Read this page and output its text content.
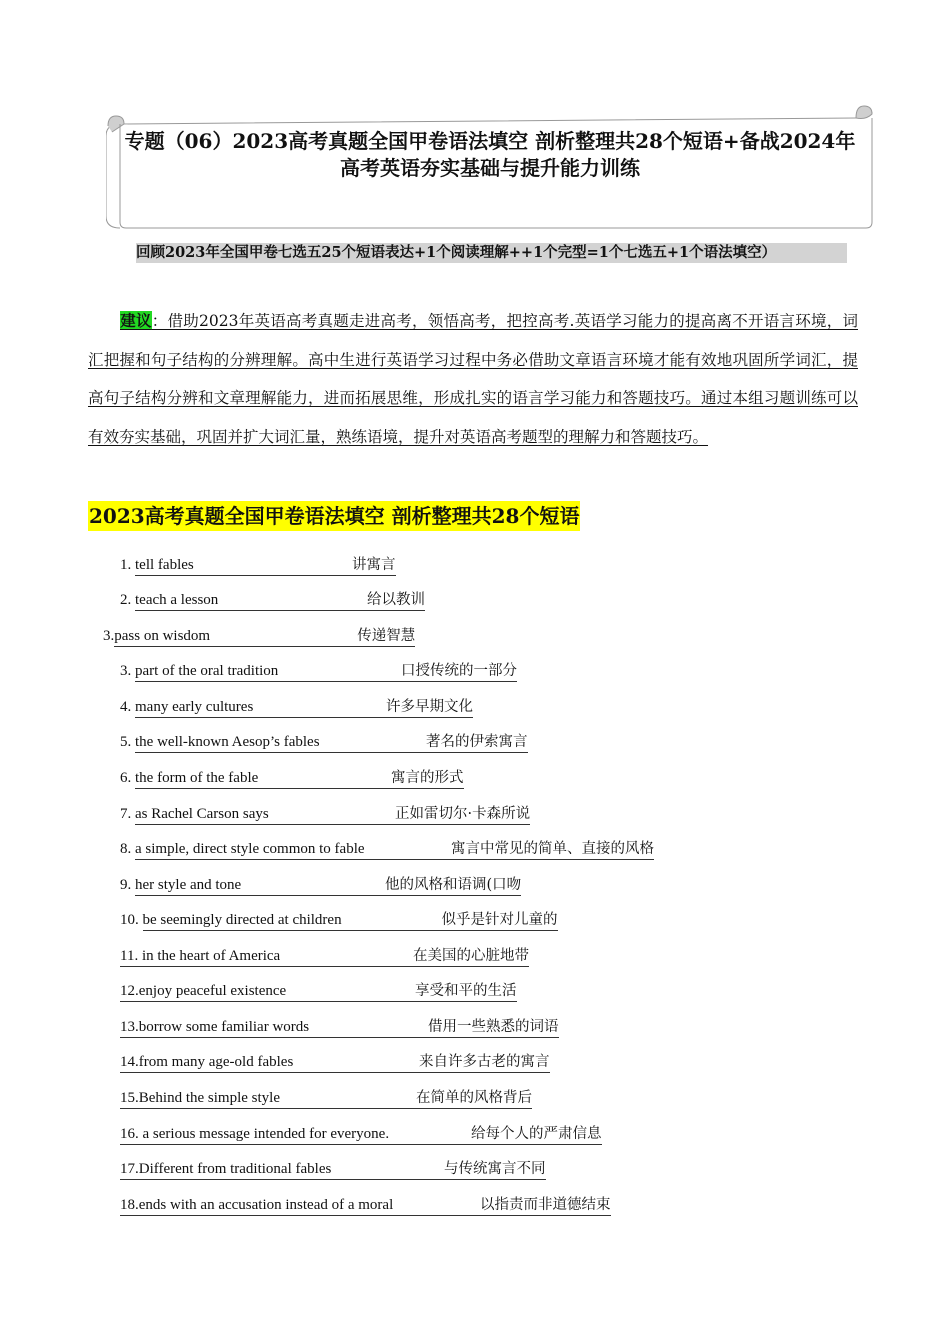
专题（06）2023高考真题全国甲卷语法填空 剖析整理共28个短语+备战2024年高考英语夯实基础与提升能力训练
回顾2023年全国甲卷七选五25个短语表达+1个阅读理解++1个完型=1个七选五+1个语法填空）
建议：借助2023年英语高考真题走进高考，领悟高考，把控高考.英语学习能力的提高离不开语言环境，词汇把握和句子结构的分辨理解。高中生进行英语学习过程中务必借助文章语言环境才能有效地巩固所学词汇，提高句子结构分辨和文章理解能力，进而拓展思维，形成扎实的语言学习能力和答题技巧。通过本组习题训练可以有效夯实基础，巩固并扩大词汇量，熟练语境，提升对英语高考题型的理解力和答题技巧。
2023高考真题全国甲卷语法填空 剖析整理共28个短语
1. tell fables	讲寓言
2. teach a lesson	给以教训
3.pass on wisdom	传递智慧
3. part of the oral tradition	口授传统的一部分
4. many early cultures	许多早期文化
5. the well-known Aesop’s fables	著名的伊索寓言
6. the form of the fable	寓言的形式
7. as Rachel Carson says	正如雷切尔·卡森所说
8. a simple, direct style common to fable	寓言中常见的简单、直接的风格
9. her style and tone	他的风格和语调(口吻
10. be seemingly directed at children	似乎是针对儿童的
11. in the heart of America	在美国的心脏地带
12.enjoy peaceful existence	享受和平的生活
13.borrow some familiar words	借用一些熟悉的词语
14.from many age-old fables	来自许多古老的寓言
15.Behind the simple style	在简单的风格背后
16. a serious message intended for everyone.	给每个人的严肃信息
17.Different from traditional fables	与传统寓言不同
18.ends with an accusation instead of a moral	以指责而非道德结束
